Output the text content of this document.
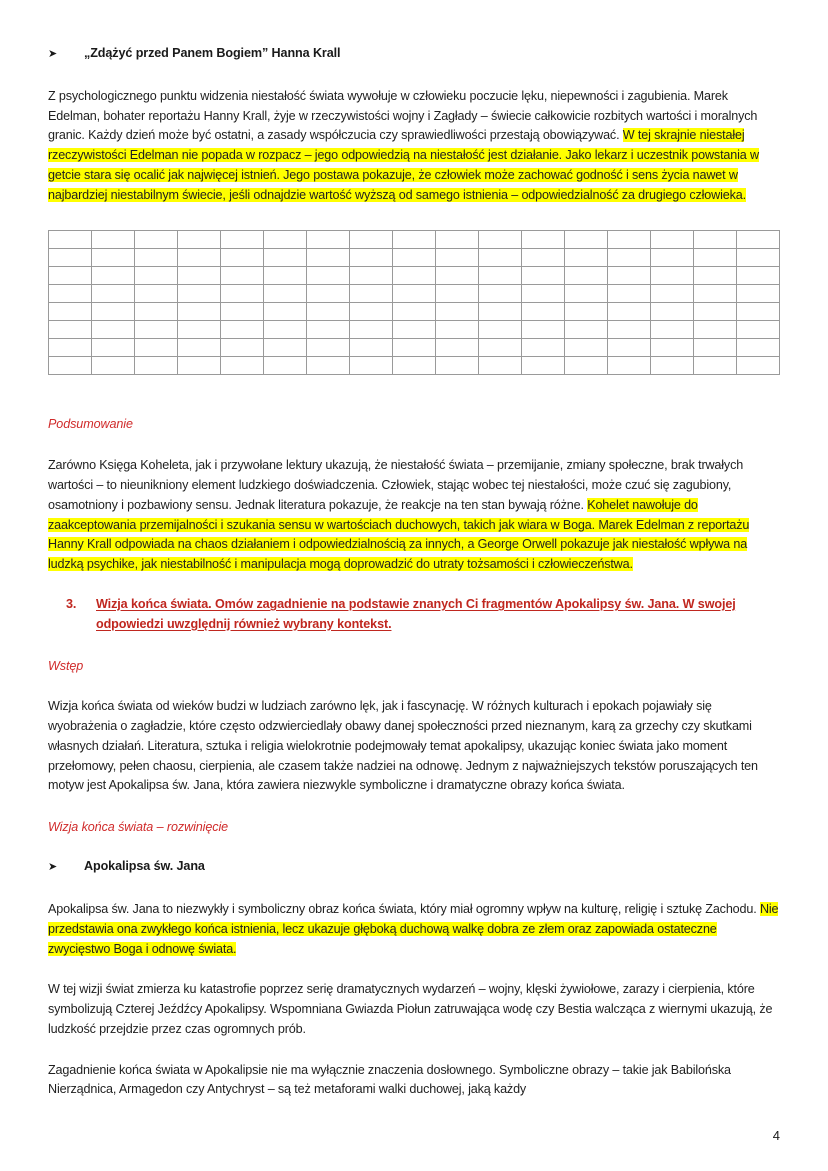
➤	„Zdążyć przed Panem Bogiem” Hanna Krall

Z psychologicznego punktu widzenia niestałość świata wywołuje w człowieku poczucie lęku, niepewności i zagubienia. Marek Edelman, bohater reportażu Hanny Krall, żyje w rzeczywistości wojny i Zagłady – świecie całkowicie rozbitych wartości i moralnych granic. Każdy dzień może być ostatni, a zasady współczucia czy sprawiedliwości przestają obowiązywać. W tej skrajnie niestałej rzeczywistości Edelman nie popada w rozpacz – jego odpowiedzią na niestałość jest działanie. Jako lekarz i uczestnik powstania w getcie stara się ocalić jak najwięcej istnień. Jego postawa pokazuje, że człowiek może zachować godność i sens życia nawet w najbardziej niestabilnym świecie, jeśli odnajdzie wartość wyższą od samego istnienia – odpowiedzialność za drugiego człowieka.

Podsumowanie

Zarówno Księga Koheleta, jak i przywołane lektury ukazują, że niestałość świata – przemijanie, zmiany społeczne, brak trwałych wartości – to nieunikniony element ludzkiego doświadczenia. Człowiek, stając wobec tej niestałości, może czuć się zagubiony, osamotniony i pozbawiony sensu. Jednak literatura pokazuje, że reakcje na ten stan bywają różne. Kohelet nawołuje do zaakceptowania przemijalności i szukania sensu w wartościach duchowych, takich jak wiara w Boga. Marek Edelman z reportażu Hanny Krall odpowiada na chaos działaniem i odpowiedzialnością za innych, a George Orwell pokazuje jak niestałość wpływa na ludzką psychike, jak niestabilność i manipulacja mogą doprowadzić do utraty tożsamości i człowieczeństwa.

3.	Wizja końca świata. Omów zagadnienie na podstawie znanych Ci fragmentów Apokalipsy św. Jana. W swojej odpowiedzi uwzględnij również wybrany kontekst.

Wstęp

Wizja końca świata od wieków budzi w ludziach zarówno lęk, jak i fascynację. W różnych kulturach i epokach pojawiały się wyobrażenia o zagładzie, które często odzwierciedlały obawy danej społeczności przed nieznanym, karą za grzechy czy skutkami własnych działań. Literatura, sztuka i religia wielokrotnie podejmowały temat apokalipsy, ukazując koniec świata jako moment przełomowy, pełen chaosu, cierpienia, ale czasem także nadziei na odnowę. Jednym z najważniejszych tekstów poruszających ten motyw jest Apokalipsa św. Jana, która zawiera niezwykle symboliczne i dramatyczne obrazy końca świata.

Wizja końca świata – rozwinięcie

➤	Apokalipsa św. Jana

Apokalipsa św. Jana to niezwykły i symboliczny obraz końca świata, który miał ogromny wpływ na kulturę, religię i sztukę Zachodu. Nie przedstawia ona zwykłego końca istnienia, lecz ukazuje głęboką duchową walkę dobra ze złem oraz zapowiada ostateczne zwycięstwo Boga i odnowę świata.

W tej wizji świat zmierza ku katastrofie poprzez serię dramatycznych wydarzeń – wojny, klęski żywiołowe, zarazy i cierpienia, które symbolizują Czterej Jeźdźcy Apokalipsy. Wspomniana Gwiazda Piołun zatruwająca wodę czy Bestia walcząca z wiernymi ukazują, że ludzkość przejdzie przez czas ogromnych prób.

Zagadnienie końca świata w Apokalipsie nie ma wyłącznie znaczenia dosłownego. Symboliczne obrazy – takie jak Babilońska Nierządnica, Armagedon czy Antychryst – są też metaforami walki duchowej, jaką każdy

4
